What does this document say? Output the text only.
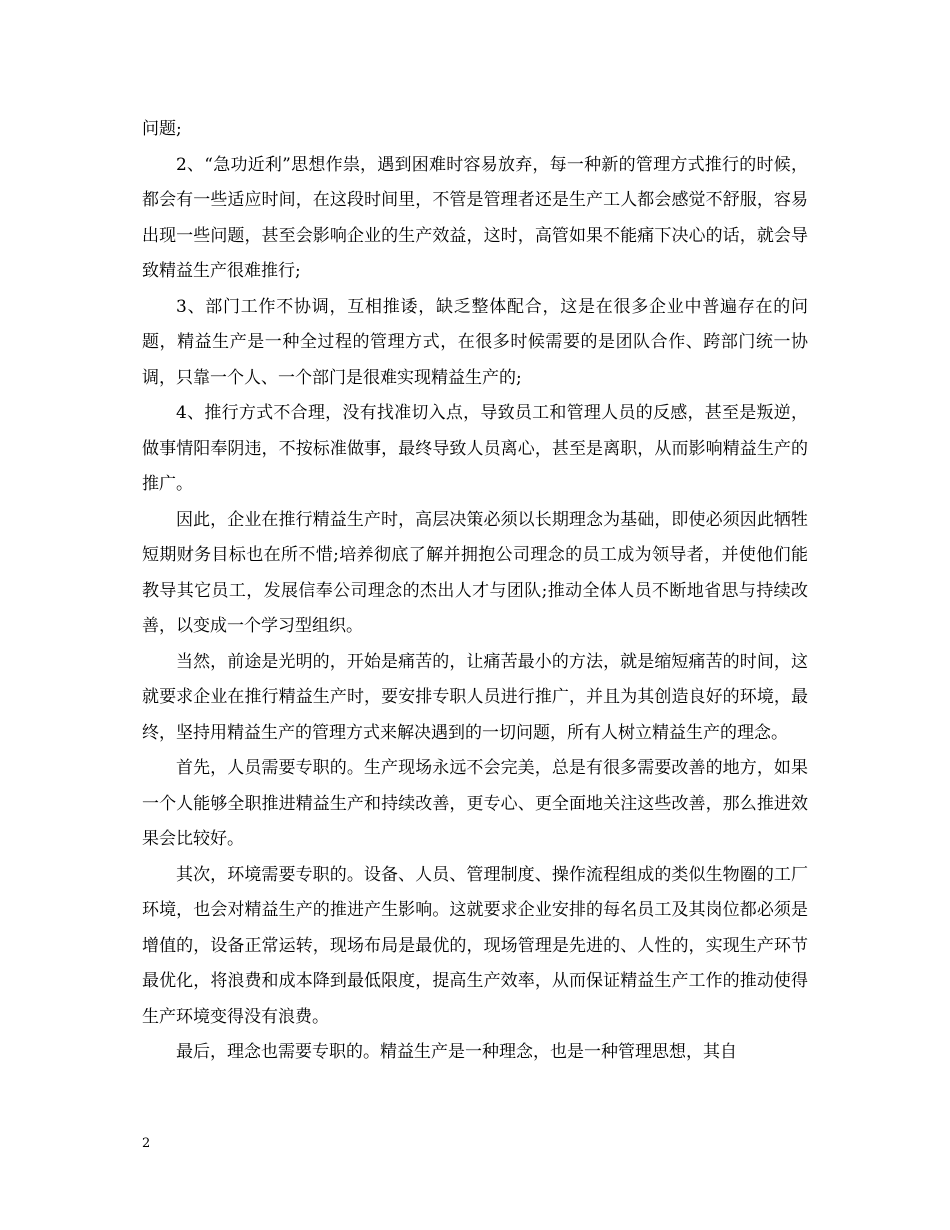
问题;

2、“急功近利”思想作祟，遇到困难时容易放弃，每一种新的管理方式推行的时候，都会有一些适应时间，在这段时间里，不管是管理者还是生产工人都会感觉不舒服，容易出现一些问题，甚至会影响企业的生产效益，这时，高管如果不能痛下决心的话，就会导致精益生产很难推行;

3、部门工作不协调，互相推诿，缺乏整体配合，这是在很多企业中普遍存在的问题，精益生产是一种全过程的管理方式，在很多时候需要的是团队合作、跨部门统一协调，只靠一个人、一个部门是很难实现精益生产的;

4、推行方式不合理，没有找准切入点，导致员工和管理人员的反感，甚至是叛逆，做事情阳奉阴违，不按标准做事，最终导致人员离心，甚至是离职，从而影响精益生产的推广。

因此，企业在推行精益生产时，高层决策必须以长期理念为基础，即使必须因此牺牲短期财务目标也在所不惜;培养彻底了解并拥抱公司理念的员工成为领导者，并使他们能教导其它员工，发展信奉公司理念的杰出人才与团队;推动全体人员不断地省思与持续改善，以变成一个学习型组织。

当然，前途是光明的，开始是痛苦的，让痛苦最小的方法，就是缩短痛苦的时间，这就要求企业在推行精益生产时，要安排专职人员进行推广，并且为其创造良好的环境，最终，坚持用精益生产的管理方式来解决遇到的一切问题，所有人树立精益生产的理念。

首先，人员需要专职的。生产现场永远不会完美，总是有很多需要改善的地方，如果一个人能够全职推进精益生产和持续改善，更专心、更全面地关注这些改善，那么推进效果会比较好。

其次，环境需要专职的。设备、人员、管理制度、操作流程组成的类似生物圈的工厂环境，也会对精益生产的推进产生影响。这就要求企业安排的每名员工及其岗位都必须是增值的，设备正常运转，现场布局是最优的，现场管理是先进的、人性的，实现生产环节最优化，将浪费和成本降到最低限度，提高生产效率，从而保证精益生产工作的推动使得生产环境变得没有浪费。

最后，理念也需要专职的。精益生产是一种理念，也是一种管理思想，其自

2
